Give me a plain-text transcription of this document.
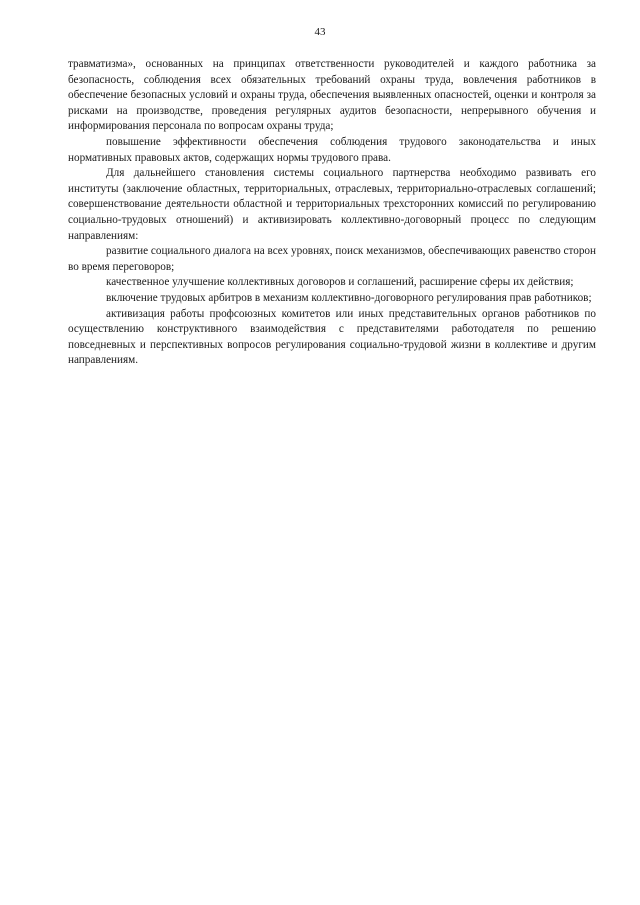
43

травматизма», основанных на принципах ответственности руководителей и каждого работника за безопасность, соблюдения всех обязательных требований охраны труда, вовлечения работников в обеспечение безопасных условий и охраны труда, обеспечения выявленных опасностей, оценки и контроля за рисками на производстве, проведения регулярных аудитов безопасности, непрерывного обучения и информирования персонала по вопросам охраны труда;

повышение эффективности обеспечения соблюдения трудового законодательства и иных нормативных правовых актов, содержащих нормы трудового права.

Для дальнейшего становления системы социального партнерства необходимо развивать его институты (заключение областных, территориальных, отраслевых, территориально-отраслевых соглашений; совершенствование деятельности областной и территориальных трехсторонних комиссий по регулированию социально-трудовых отношений) и активизировать коллективно-договорный процесс по следующим направлениям:

развитие социального диалога на всех уровнях, поиск механизмов, обеспечивающих равенство сторон во время переговоров;

качественное улучшение коллективных договоров и соглашений, расширение сферы их действия;

включение трудовых арбитров в механизм коллективно-договорного регулирования прав работников;

активизация работы профсоюзных комитетов или иных представительных органов работников по осуществлению конструктивного взаимодействия с представителями работодателя по решению повседневных и перспективных вопросов регулирования социально-трудовой жизни в коллективе и другим направлениям.
